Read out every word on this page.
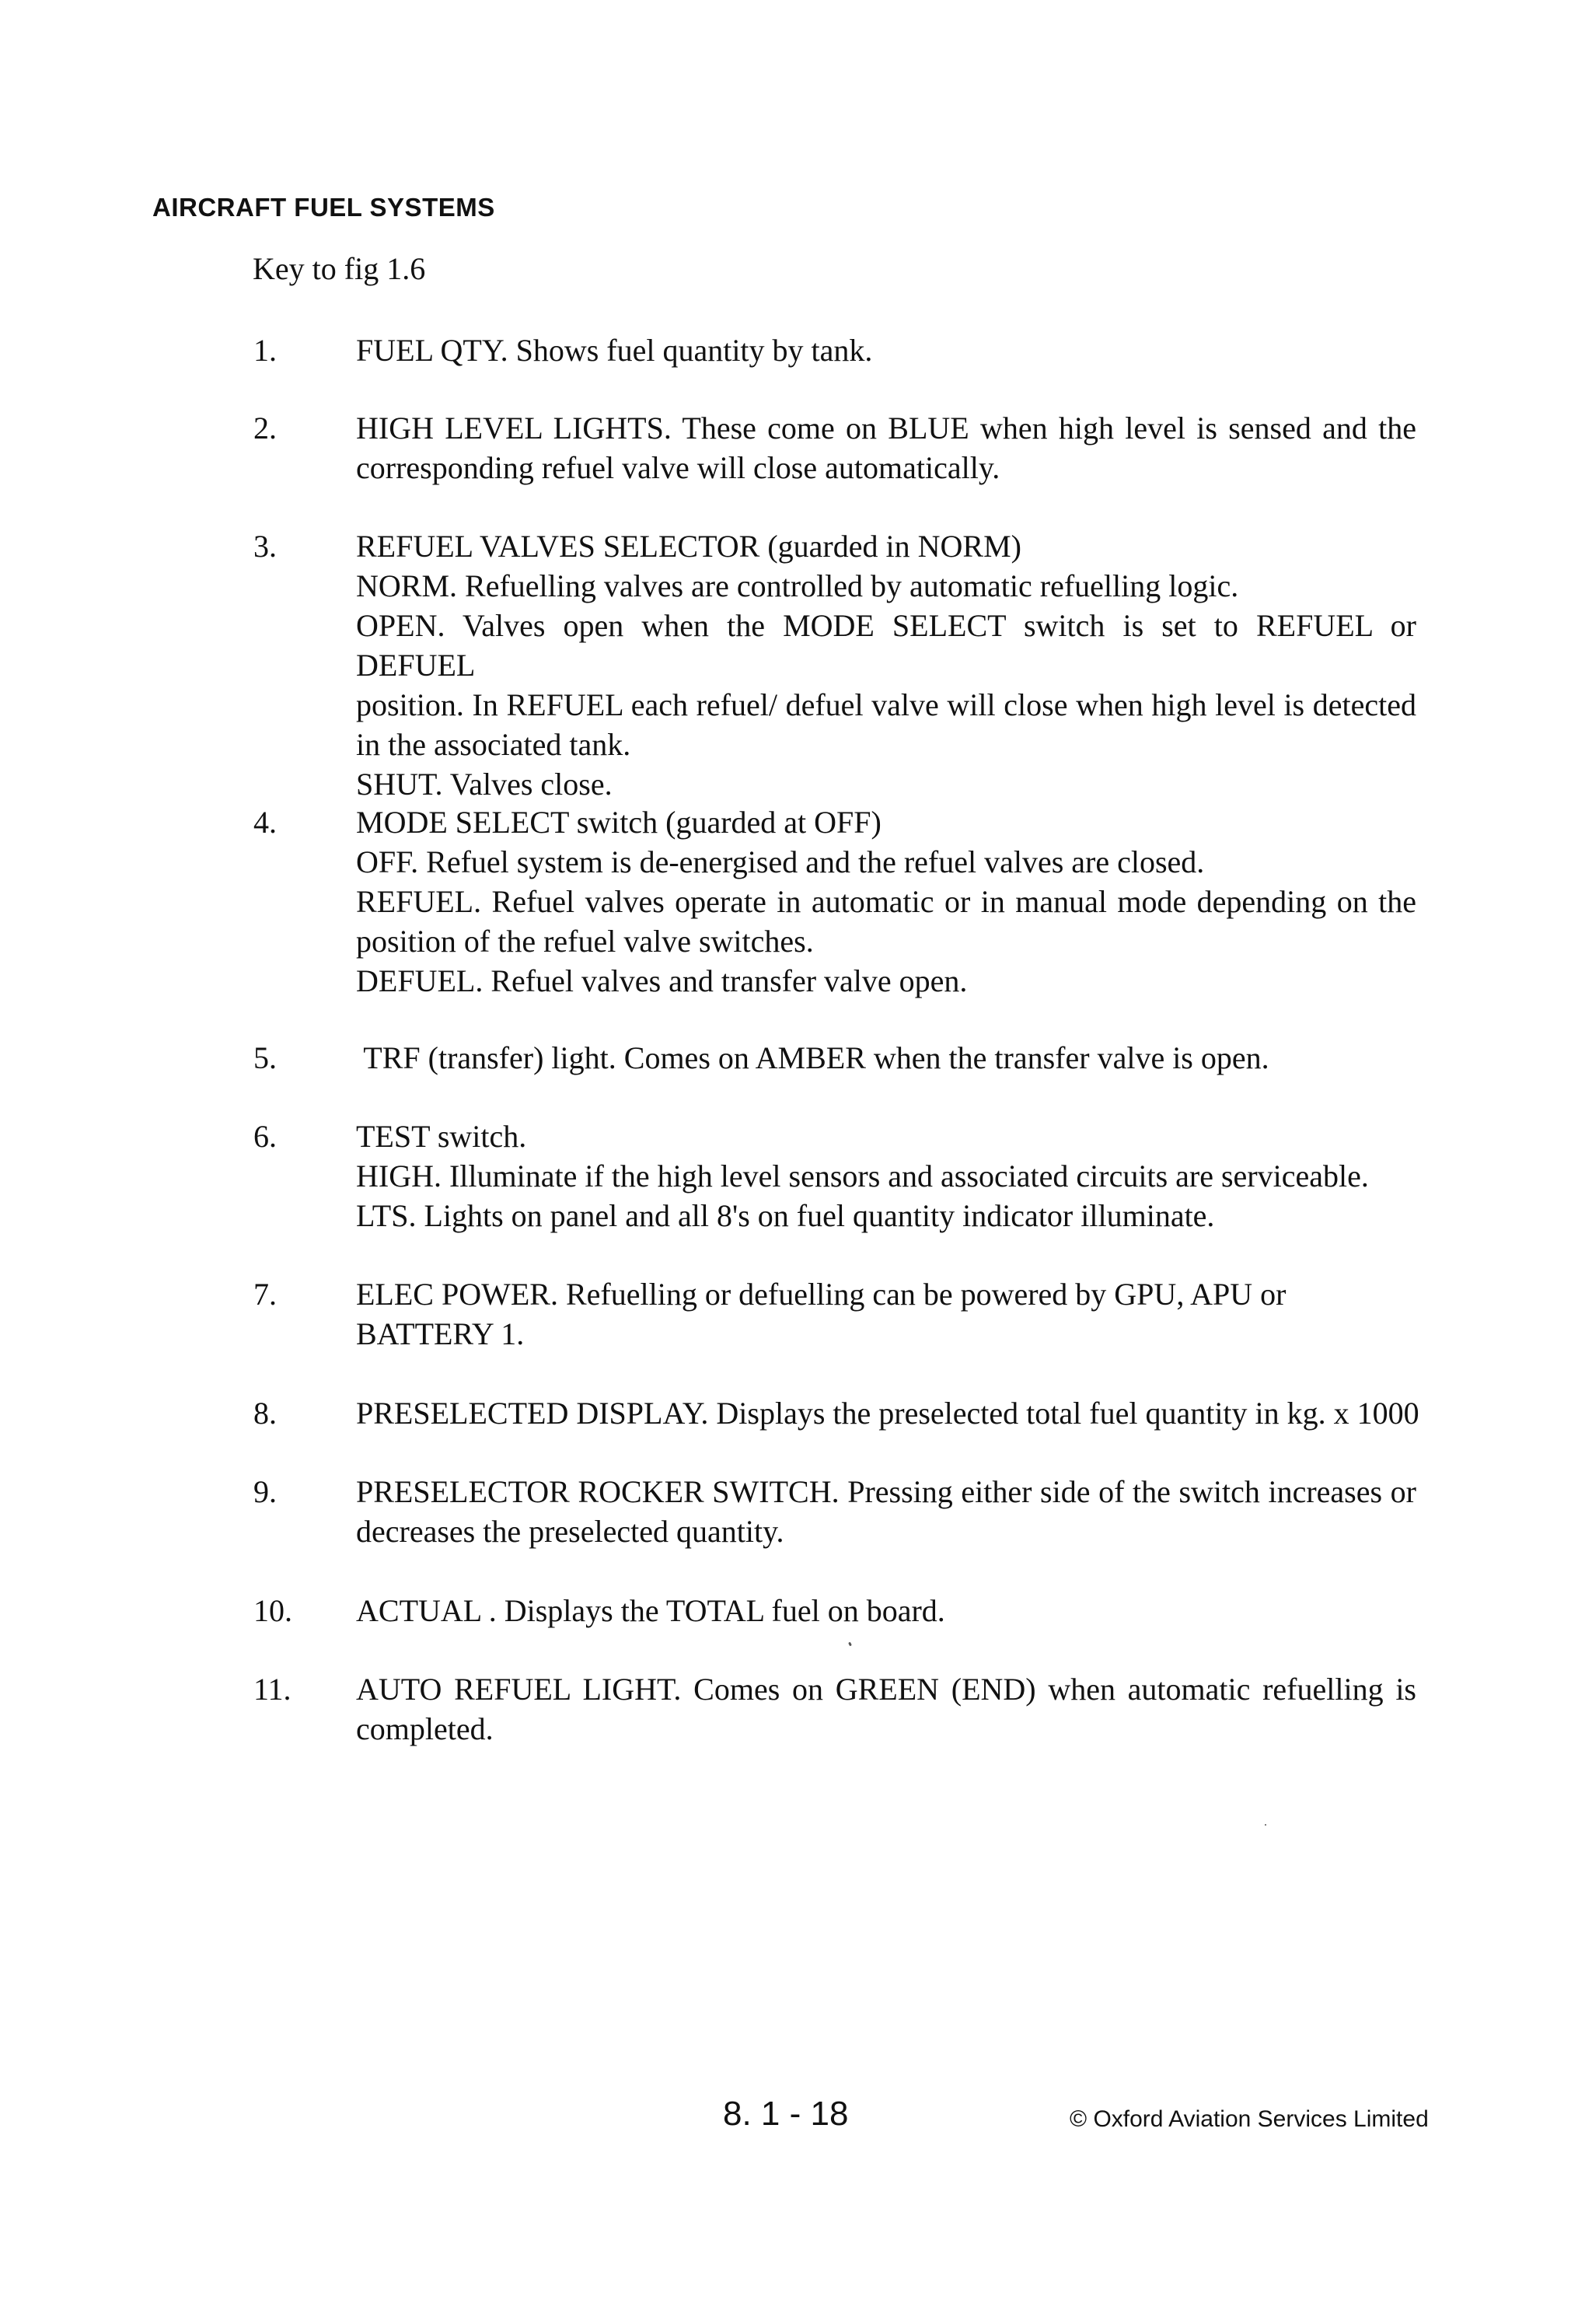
AIRCRAFT FUEL SYSTEMS

Key to fig 1.6

1.	FUEL QTY. Shows fuel quantity by tank.
2.	HIGH LEVEL LIGHTS. These come on BLUE when high level is sensed and the
corresponding refuel valve will close automatically.
3.	REFUEL VALVES SELECTOR (guarded in NORM)
NORM. Refuelling valves are controlled by automatic refuelling logic.
OPEN. Valves open when the MODE SELECT switch is set to REFUEL or DEFUEL
position. In REFUEL each refuel/ defuel valve will close when high level is detected
in the associated tank.
SHUT. Valves close.
4.	MODE SELECT switch (guarded at OFF)
OFF. Refuel system is de-energised and the refuel valves are closed.
REFUEL. Refuel valves operate in automatic or in manual mode depending on the
position of the refuel valve switches.
DEFUEL. Refuel valves and transfer valve open.
5.	TRF (transfer) light. Comes on AMBER when the transfer valve is open.
6.	TEST switch.
HIGH. Illuminate if the high level sensors and associated circuits are serviceable.
LTS. Lights on panel and all 8's on fuel quantity indicator illuminate.
7.	ELEC POWER. Refuelling or defuelling can be powered by GPU, APU or
BATTERY 1.
8.	PRESELECTED DISPLAY. Displays the preselected total fuel quantity in kg. x 1000
9.	PRESELECTOR ROCKER SWITCH. Pressing either side of the switch increases or
decreases the preselected quantity.
10. ACTUAL . Displays the TOTAL fuel on board.
11. AUTO REFUEL LIGHT. Comes on GREEN (END) when automatic refuelling is
completed.

8. 1 - 18	© Oxford Aviation Services Limited
